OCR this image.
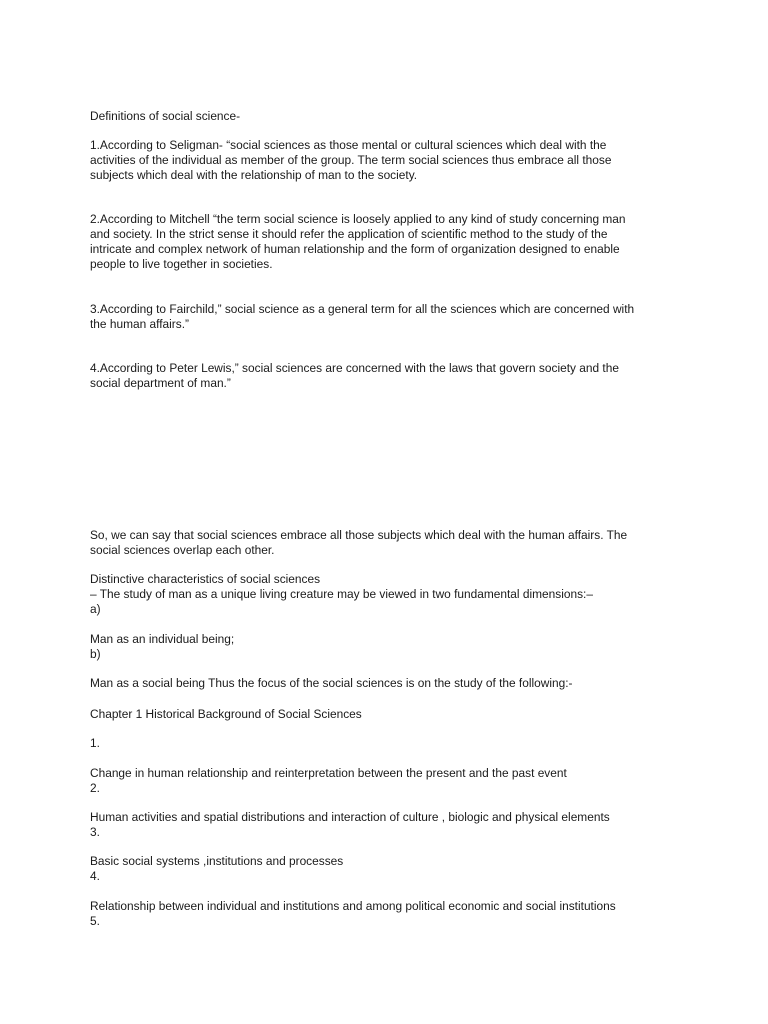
Definitions of social science-

1.According to Seligman- “social sciences as those mental or cultural sciences which deal with the
activities of the individual as member of the group. The term social sciences thus embrace all those
subjects which deal with the relationship of man to the society.

2.According to Mitchell “the term social science is loosely applied to any kind of study concerning man
and society. In the strict sense it should refer the application of scientific method to the study of the
intricate and complex network of human relationship and the form of organization designed to enable
people to live together in societies.

3.According to Fairchild,” social science as a general term for all the sciences which are concerned with
the human affairs.”

4.According to Peter Lewis,” social sciences are concerned with the laws that govern society and the
social department of man.”

So, we can say that social sciences embrace all those subjects which deal with the human affairs. The
social sciences overlap each other.

Distinctive characteristics of social sciences
– The study of man as a unique living creature may be viewed in two fundamental dimensions:–
a)

Man as an individual being;
b)

Man as a social being Thus the focus of the social sciences is on the study of the following:-

Chapter 1 Historical Background of Social Sciences

1.

Change in human relationship and reinterpretation between the present and the past event
2.

Human activities and spatial distributions and interaction of culture , biologic and physical elements
3.

Basic social systems ,institutions and processes
4.

Relationship between individual and institutions and among political economic and social institutions
5.
